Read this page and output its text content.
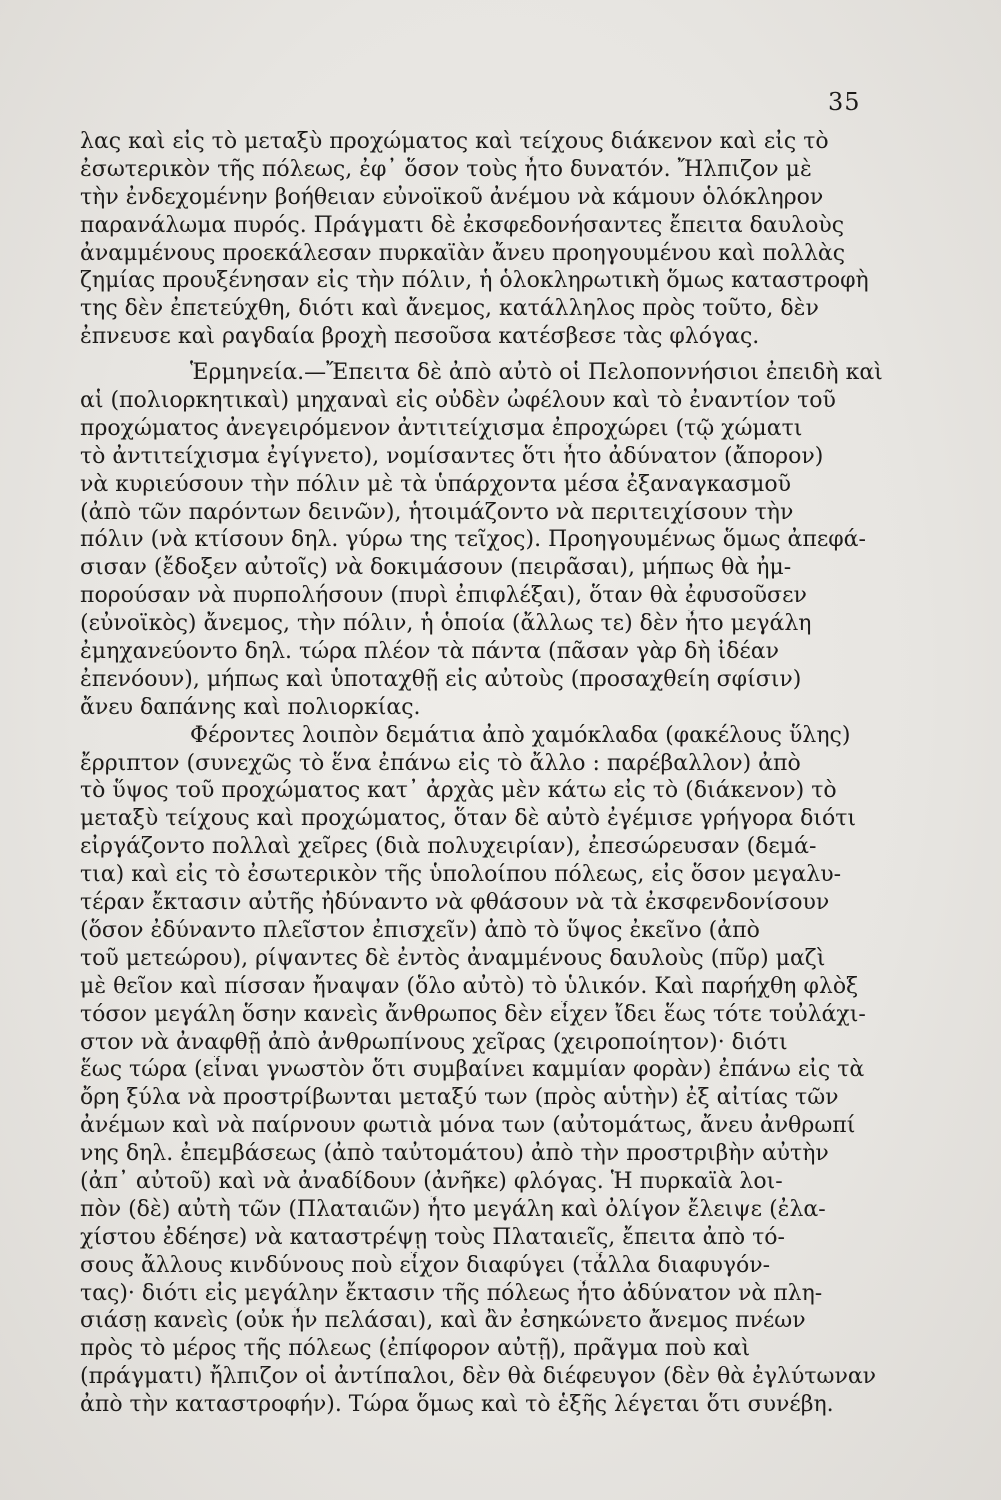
35
λας καὶ εἰς τὸ μεταξὺ προχώματος καὶ τείχους διάκενον καὶ εἰς τὸ
ἐσωτερικὸν τῆς πόλεως, ἐφ᾽ ὅσον τοὺς ἦτο δυνατόν. Ἤλπιζον μὲ
τὴν ἐνδεχομένην βοήθειαν εὐνοϊκοῦ ἀνέμου νὰ κάμουν ὁλόκληρον
παρανάλωμα πυρός. Πράγματι δὲ ἐκσφεδονήσαντες ἔπειτα δαυλοὺς
ἀναμμένους προεκάλεσαν πυρκαϊὰν ἄνευ προηγουμένου καὶ πολλὰς
ζημίας προυξένησαν εἰς τὴν πόλιν, ἡ ὁλοκληρωτικὴ ὅμως καταστροφὴ
της δὲν ἐπετεύχθη, διότι καὶ ἄνεμος, κατάλληλος πρὸς τοῦτο, δὲν
ἐπνευσε καὶ ραγδαία βροχὴ πεσοῦσα κατέσβεσε τὰς φλόγας.
Ἑρμηνεία.—Ἔπειτα δὲ ἀπὸ αὐτὸ οἱ Πελοποννήσιοι ἐπειδὴ καὶ
αἱ (πολιορκητικαὶ) μηχαναὶ εἰς οὐδὲν ὠφέλουν καὶ τὸ ἐναντίον τοῦ
προχώματος ἀνεγειρόμενον ἀντιτείχισμα ἐπροχώρει (τῷ χώματι
τὸ ἀντιτείχισμα ἐγίγνετο), νομίσαντες ὅτι ἦτο ἀδύνατον (ἄπορον)
νὰ κυριεύσουν τὴν πόλιν μὲ τὰ ὑπάρχοντα μέσα ἐξαναγκασμοῦ
(ἀπὸ τῶν παρόντων δεινῶν), ἡτοιμάζοντο νὰ περιτειχίσουν τὴν
πόλιν (νὰ κτίσουν δηλ. γύρω της τεῖχος). Προηγουμένως ὅμως ἀπεφά-
σισαν (ἔδοξεν αὐτοῖς) νὰ δοκιμάσουν (πειρᾶσαι), μήπως θὰ ἠμ-
πορούσαν νὰ πυρπολήσουν (πυρὶ ἐπιφλέξαι), ὅταν θὰ ἐφυσοῦσεν
(εὐνοϊκὸς) ἄνεμος, τὴν πόλιν, ἡ ὁποία (ἄλλως τε) δὲν ἦτο μεγάλη
ἐμηχανεύοντο δηλ. τώρα πλέον τὰ πάντα (πᾶσαν γὰρ δὴ ἰδέαν
ἐπενόουν), μήπως καὶ ὑποταχθῇ εἰς αὐτοὺς (προσαχθείη σφίσιν)
ἄνευ δαπάνης καὶ πολιορκίας.
Φέροντες λοιπὸν δεμάτια ἀπὸ χαμόκλαδα (φακέλους ὕλης)
ἔρριπτον (συνεχῶς τὸ ἕνα ἐπάνω εἰς τὸ ἄλλο : παρέβαλλον) ἀπὸ
τὸ ὕψος τοῦ προχώματος κατ᾽ ἀρχὰς μὲν κάτω εἰς τὸ (διάκενον) τὸ
μεταξὺ τείχους καὶ προχώματος, ὅταν δὲ αὐτὸ ἐγέμισε γρήγορα διότι
εἰργάζοντο πολλαὶ χεῖρες (διὰ πολυχειρίαν), ἐπεσώρευσαν (δεμά-
τια) καὶ εἰς τὸ ἐσωτερικὸν τῆς ὑπολοίπου πόλεως, εἰς ὅσον μεγαλυ-
τέραν ἔκτασιν αὐτῆς ἠδύναντο νὰ φθάσουν νὰ τὰ ἐκσφενδονίσουν
(ὅσον ἐδύναντο πλεῖστον ἐπισχεῖν) ἀπὸ τὸ ὕψος ἐκεῖνο (ἀπὸ
τοῦ μετεώρου), ρίψαντες δὲ ἐντὸς ἀναμμένους δαυλοὺς (πῦρ) μαζὶ
μὲ θεῖον καὶ πίσσαν ἤναψαν (ὅλο αὐτὸ) τὸ ὑλικόν. Καὶ παρήχθη φλὸξ
τόσον μεγάλη ὅσην κανεὶς ἄνθρωπος δὲν εἶχεν ἴδει ἕως τότε τοὐλάχι-
στον νὰ ἀναφθῇ ἀπὸ ἀνθρωπίνους χεῖρας (χειροποίητον)· διότι
ἕως τώρα (εἶναι γνωστὸν ὅτι συμβαίνει καμμίαν φορὰν) ἐπάνω εἰς τὰ
ὄρη ξύλα νὰ προστρίβωνται μεταξύ των (πρὸς αὑτὴν) ἐξ αἰτίας τῶν
ἀνέμων καὶ νὰ παίρνουν φωτιὰ μόνα των (αὐτομάτως, ἄνευ ἀνθρωπί
νης δηλ. ἐπεμβάσεως (ἀπὸ ταὐτομάτου) ἀπὸ τὴν προστριβὴν αὐτὴν
(ἀπ᾽ αὐτοῦ) καὶ νὰ ἀναδίδουν (ἀνῆκε) φλόγας. Ἡ πυρκαϊὰ λοι-
πὸν (δὲ) αὐτὴ τῶν (Πλαταιῶν) ἦτο μεγάλη καὶ ὀλίγον ἔλειψε (ἐλα-
χίστου ἐδέησε) νὰ καταστρέψῃ τοὺς Πλαταιεῖς, ἔπειτα ἀπὸ τό-
σους ἄλλους κινδύνους ποὺ εἶχον διαφύγει (τἆλλα διαφυγόν-
τας)· διότι εἰς μεγάλην ἔκτασιν τῆς πόλεως ἦτο ἀδύνατον νὰ πλη-
σιάσῃ κανεὶς (οὐκ ἦν πελάσαι), καὶ ἂν ἐσηκώνετο ἄνεμος πνέων
πρὸς τὸ μέρος τῆς πόλεως (ἐπίφορον αὐτῇ), πρᾶγμα ποὺ καὶ
(πράγματι) ἤλπιζον οἱ ἀντίπαλοι, δὲν θὰ διέφευγον (δὲν θὰ ἐγλύτωναν
ἀπὸ τὴν καταστροφήν). Τώρα ὅμως καὶ τὸ ἑξῆς λέγεται ὅτι συνέβη.
